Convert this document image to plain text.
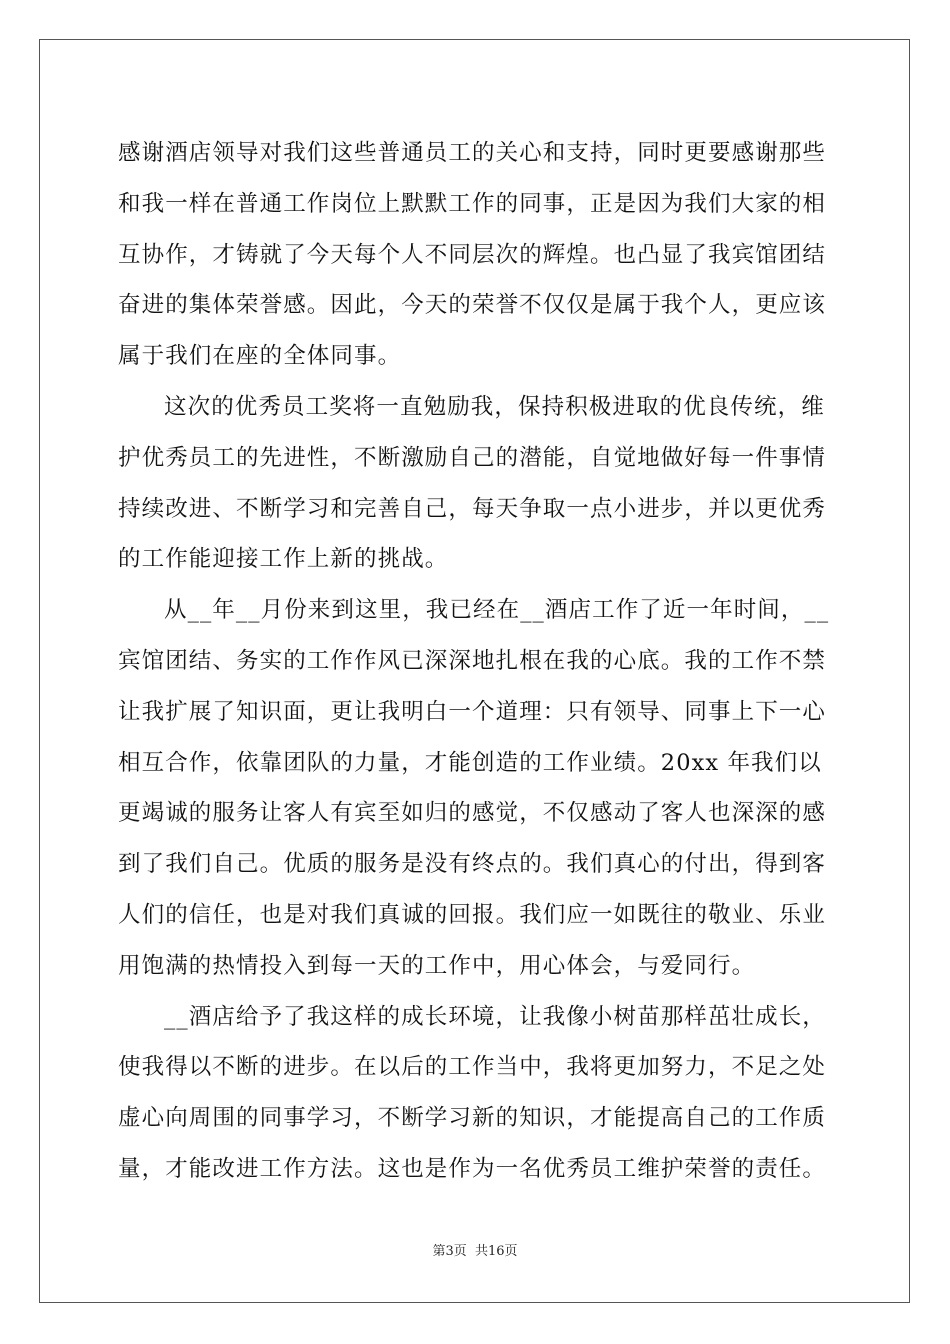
感谢酒店领导对我们这些普通员工的关心和支持，同时更要感谢那些
和我一样在普通工作岗位上默默工作的同事，正是因为我们大家的相
互协作，才铸就了今天每个人不同层次的辉煌。也凸显了我宾馆团结
奋进的集体荣誉感。因此，今天的荣誉不仅仅是属于我个人，更应该
属于我们在座的全体同事。
这次的优秀员工奖将一直勉励我，保持积极进取的优良传统，维
护优秀员工的先进性，不断激励自己的潜能，自觉地做好每一件事情
持续改进、不断学习和完善自己，每天争取一点小进步，并以更优秀
的工作能迎接工作上新的挑战。
从__年__月份来到这里，我已经在__酒店工作了近一年时间，__
宾馆团结、务实的工作作风已深深地扎根在我的心底。我的工作不禁
让我扩展了知识面，更让我明白一个道理：只有领导、同事上下一心
相互合作，依靠团队的力量，才能创造的工作业绩。20xx 年我们以
更竭诚的服务让客人有宾至如归的感觉，不仅感动了客人也深深的感
到了我们自己。优质的服务是没有终点的。我们真心的付出，得到客
人们的信任，也是对我们真诚的回报。我们应一如既往的敬业、乐业
用饱满的热情投入到每一天的工作中，用心体会，与爱同行。
__酒店给予了我这样的成长环境，让我像小树苗那样茁壮成长，
使我得以不断的进步。在以后的工作当中，我将更加努力，不足之处
虚心向周围的同事学习，不断学习新的知识，才能提高自己的工作质
量，才能改进工作方法。这也是作为一名优秀员工维护荣誉的责任。
第3页 共16页
